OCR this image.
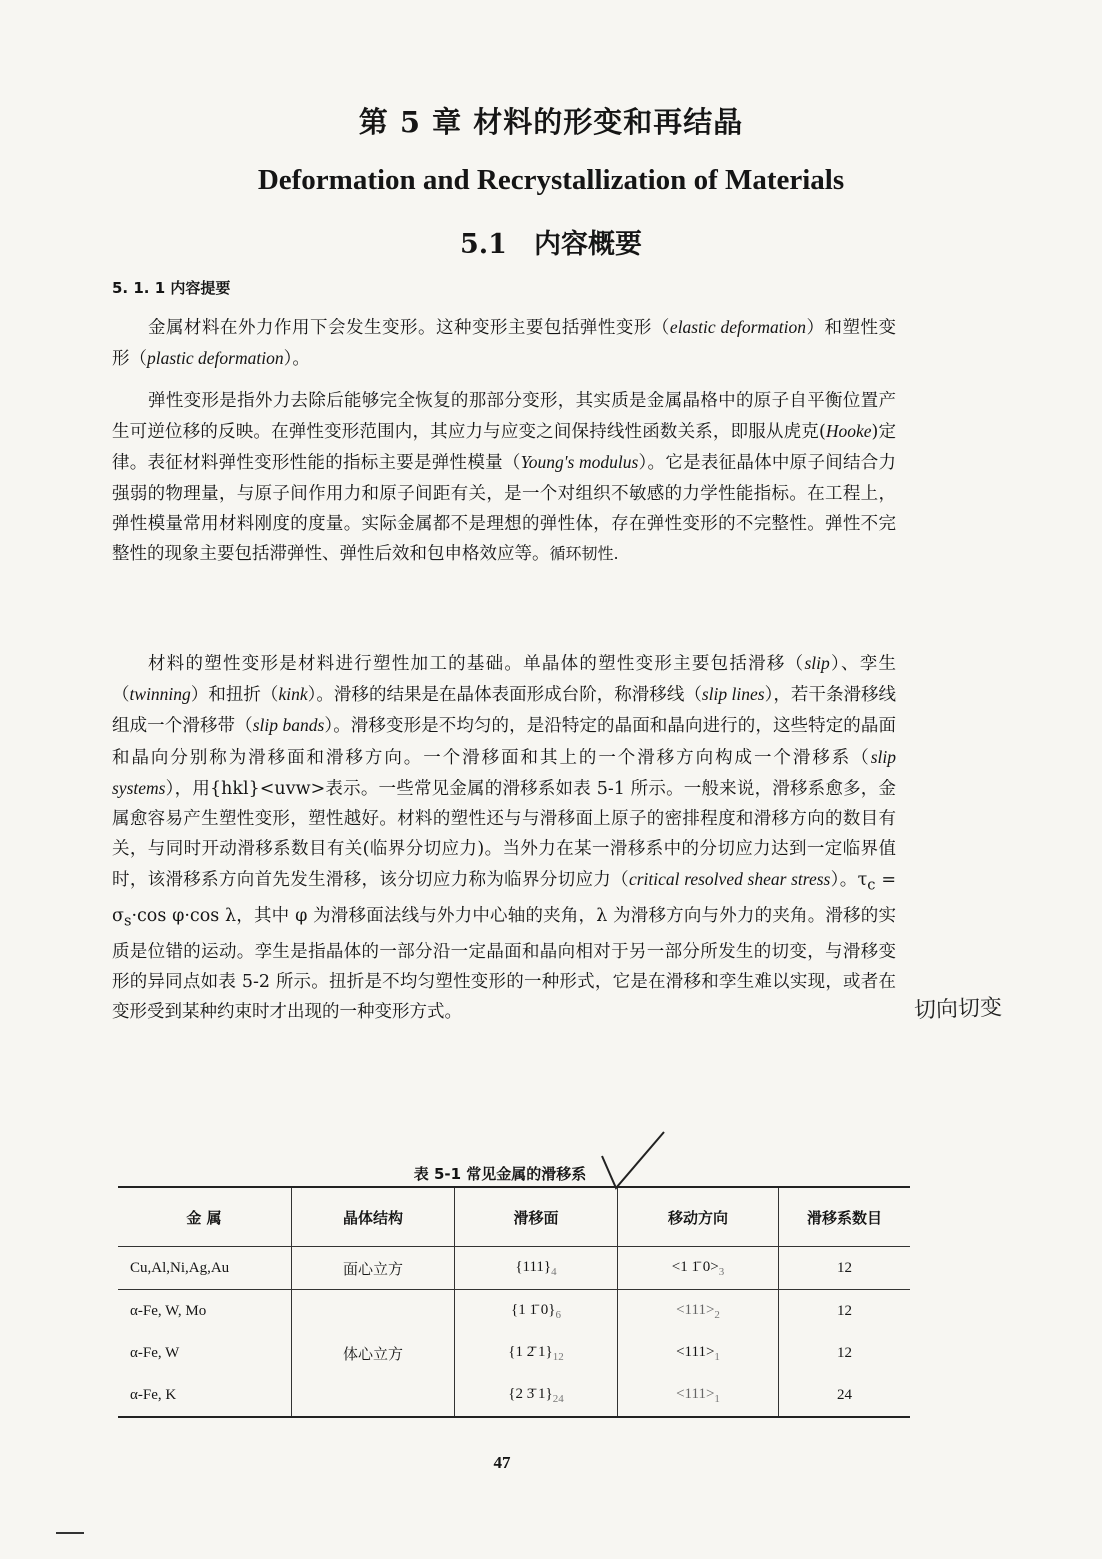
第 5 章 材料的形变和再结晶
Deformation and Recrystallization of Materials
5.1　内容概要
5. 1. 1 内容提要

金属材料在外力作用下会发生变形。这种变形主要包括弹性变形（elastic deformation）和塑性变形（plastic deformation）。

弹性变形是指外力去除后能够完全恢复的那部分变形，其实质是金属晶格中的原子自平衡位置产生可逆位移的反映。在弹性变形范围内，其应力与应变之间保持线性函数关系，即服从虎克(Hooke)定律。表征材料弹性变形性能的指标主要是弹性模量（Young's modulus）。它是表征晶体中原子间结合力强弱的物理量，与原子间作用力和原子间距有关，是一个对组织不敏感的力学性能指标。在工程上，弹性模量常用材料刚度的度量。实际金属都不是理想的弹性体，存在弹性变形的不完整性。弹性不完整性的现象主要包括滞弹性、弹性后效和包申格效应等。循环韧性.

材料的塑性变形是材料进行塑性加工的基础。单晶体的塑性变形主要包括滑移（slip）、孪生（twinning）和扭折（kink）。滑移的结果是在晶体表面形成台阶，称滑移线（slip lines），若干条滑移线组成一个滑移带（slip bands）。滑移变形是不均匀的，是沿特定的晶面和晶向进行的，这些特定的晶面和晶向分别称为滑移面和滑移方向。一个滑移面和其上的一个滑移方向构成一个滑移系（slip systems），用{hkl}<uvw>表示。一些常见金属的滑移系如表 5-1 所示。一般来说，滑移系愈多，金属愈容易产生塑性变形，塑性越好。材料的塑性还与与滑移面上原子的密排程度和滑移方向的数目有关，与同时开动滑移系数目有关(临界分切应力)。当外力在某一滑移系中的分切应力达到一定临界值时，该滑移系方向首先发生滑移，该分切应力称为临界分切应力（critical resolved shear stress）。$\tau_c = \sigma_s\cdot\cos$ φ·cos λ，其中 φ 为滑移面法线与外力中心轴的夹角，λ 为滑移方向与外力的夹角。滑移的实质是位错的运动。孪生是指晶体的一部分沿一定晶面和晶向相对于另一部分所发生的切变，与滑移变形的异同点如表 5-2 所示。扭折是不均匀塑性变形的一种形式，它是在滑移和孪生难以实现，或者在变形受到某种约束时才出现的一种变形方式。	切向切变
表 5-1 常见金属的滑移系
金 属	晶体结构	滑移面	移动方向	滑移系数目
Cu,Al,Ni,Ag,Au	面心立方	$\{111\}_4$	<1 1̄ $0>_3$	12
α-Fe, W, Mo		{1 1̄ $0\}_6$	$<111>_2$	12
α-Fe, W	体心立方	{1 2̄ $1\}_{12}$	$<111>_1$	12
α-Fe, K		{2 3̄ $1\}_{24}$	$<111>_1$	24
47
